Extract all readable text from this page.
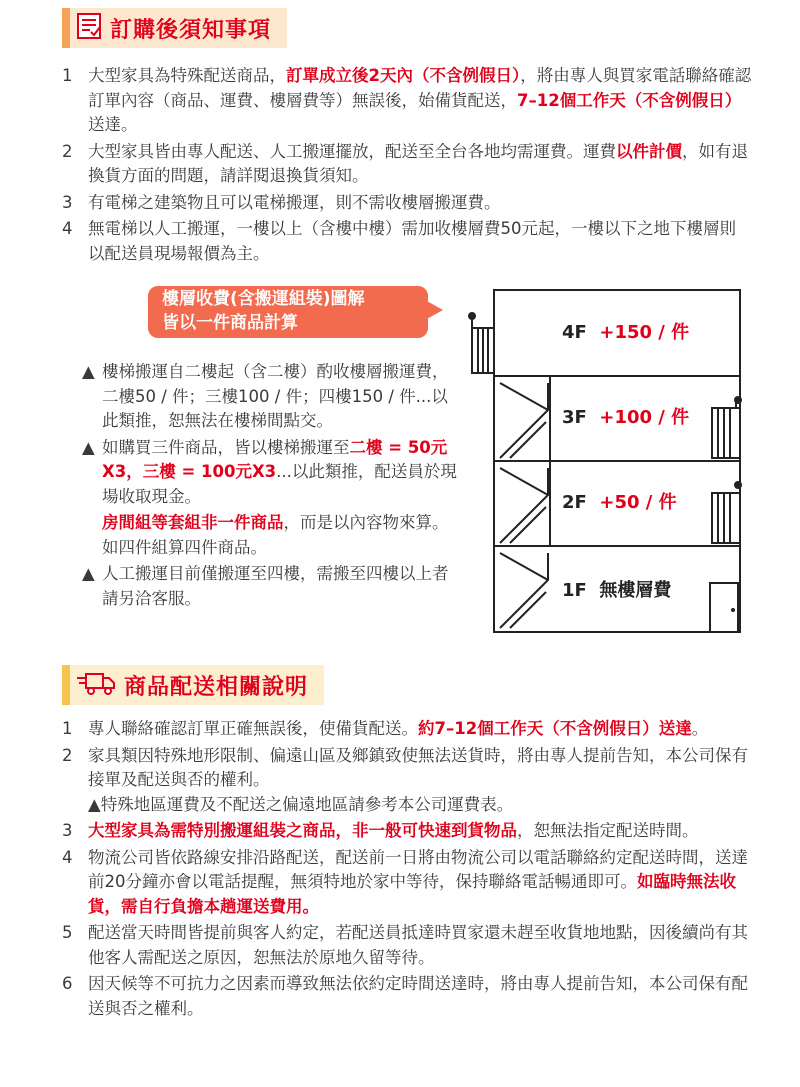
訂購後須知事項
1 大型家具為特殊配送商品，訂單成立後2天內（不含例假日），將由專人與買家電話聯絡確認訂單內容（商品、運費、樓層費等）無誤後，始備貨配送，7–12個工作天（不含例假日）送達。
2 大型家具皆由專人配送、人工搬運擺放，配送至全台各地均需運費。運費以件計價，如有退換貨方面的問題，請詳閱退換貨須知。
3 有電梯之建築物且可以電梯搬運，則不需收樓層搬運費。
4 無電梯以人工搬運，一樓以上（含樓中樓）需加收樓層費50元起，一樓以下之地下樓層則以配送員現場報價為主。
樓層收費(含搬運組裝)圖解
皆以一件商品計算

▲ 樓梯搬運自二樓起（含二樓）酌收樓層搬運費，二樓50 / 件；三樓100 / 件；四樓150 / 件...以此類推，恕無法在樓梯間點交。

▲ 如購買三件商品，皆以樓梯搬運至二樓 = 50元X3，三樓 = 100元X3...以此類推，配送員於現場收取現金。

房間組等套組非一件商品，而是以內容物來算。如四件組算四件商品。

▲ 人工搬運目前僅搬運至四樓，需搬至四樓以上者請另洽客服。

4F +150 / 件
3F +100 / 件
2F +50 / 件
1F 無樓層費
商品配送相關說明
1 專人聯絡確認訂單正確無誤後，使備貨配送。約7–12個工作天（不含例假日）送達。
2 家具類因特殊地形限制、偏遠山區及鄉鎮致使無法送貨時，將由專人提前告知，本公司保有接單及配送與否的權利。
▲特殊地區運費及不配送之偏遠地區請參考本公司運費表。
3 大型家具為需特別搬運組裝之商品，非一般可快速到貨物品，恕無法指定配送時間。
4 物流公司皆依路線安排沿路配送，配送前一日將由物流公司以電話聯絡約定配送時間，送達前20分鐘亦會以電話提醒，無須特地於家中等待，保持聯絡電話暢通即可。如臨時無法收貨，需自行負擔本趟運送費用。
5 配送當天時間皆提前與客人約定，若配送員抵達時買家還未趕至收貨地地點，因後續尚有其他客人需配送之原因，恕無法於原地久留等待。
6 因天候等不可抗力之因素而導致無法依約定時間送達時，將由專人提前告知，本公司保有配送與否之權利。
